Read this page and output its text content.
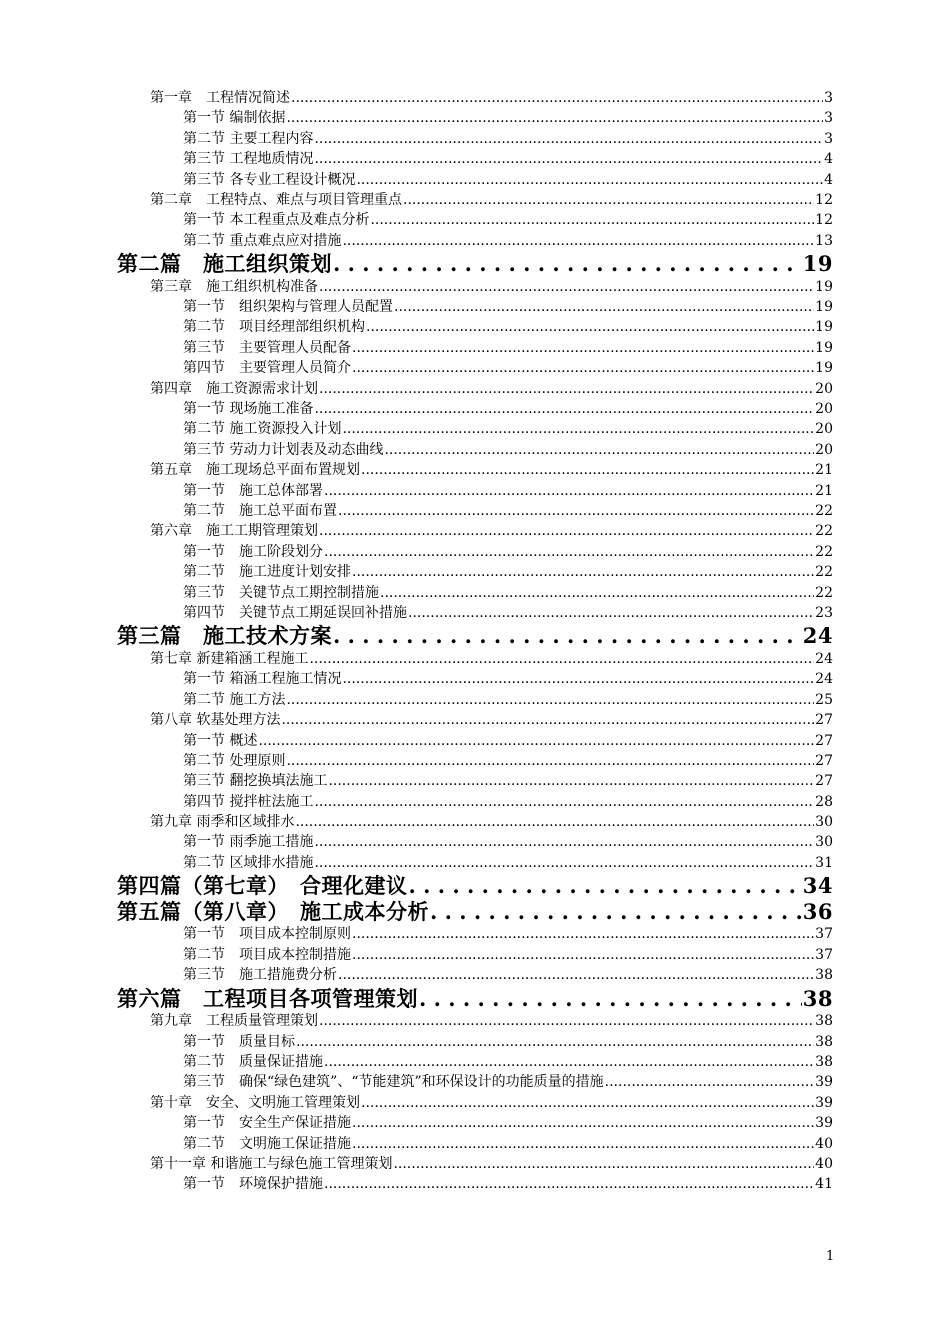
第一章　工程情况简述 .....	3
第一节 编制依据 .....	3
第二节 主要工程内容 .....	3
第三节 工程地质情况 .....	4
第三节 各专业工程设计概况 .....	4
第二章　工程特点、难点与项目管理重点 .....	12
第一节 本工程重点及难点分析 .....	12
第二节 重点难点应对措施 .....	13
第二篇　施工组织策划 . . .	19
第三章　施工组织机构准备 .....	19
第一节　组织架构与管理人员配置 .....	19
第二节　项目经理部组织机构 .....	19
第三节　主要管理人员配备 .....	19
第四节　主要管理人员简介 .....	19
第四章　施工资源需求计划 .....	20
第一节 现场施工准备 .....	20
第二节 施工资源投入计划 .....	20
第三节 劳动力计划表及动态曲线 .....	20
第五章　施工现场总平面布置规划 .....	21
第一节　施工总体部署 .....	21
第二节　施工总平面布置 .....	22
第六章　施工工期管理策划 .....	22
第一节　施工阶段划分 .....	22
第二节　施工进度计划安排 .....	22
第三节　关键节点工期控制措施 .....	22
第四节　关键节点工期延误回补措施 .....	23
第三篇　施工技术方案 . . .	24
第七章 新建箱涵工程施工 .....	24
第一节 箱涵工程施工情况 .....	24
第二节 施工方法 .....	25
第八章 软基处理方法 .....	27
第一节 概述 .....	27
第二节 处理原则 .....	27
第三节 翻挖换填法施工 .....	27
第四节 搅拌桩法施工 .....	28
第九章 雨季和区域排水 .....	30
第一节 雨季施工措施 .....	30
第二节 区域排水措施 .....	31
第四篇（第七章）　合理化建议 . . .	34
第五篇（第八章）　施工成本分析 . . .	36
第一节　项目成本控制原则 .....	37
第二节　项目成本控制措施 .....	37
第三节　施工措施费分析 .....	38
第六篇　工程项目各项管理策划 . . .	38
第九章　工程质量管理策划 .....	38
第一节　质量目标 .....	38
第二节　质量保证措施 .....	38
第三节　确保“绿色建筑”、“节能建筑”和环保设计的功能质量的措施 .....	39
第十章　安全、文明施工管理策划 .....	39
第一节　安全生产保证措施 .....	39
第二节　文明施工保证措施 .....	40
第十一章 和谐施工与绿色施工管理策划 .....	40
第一节　环境保护措施 .....	41
1
